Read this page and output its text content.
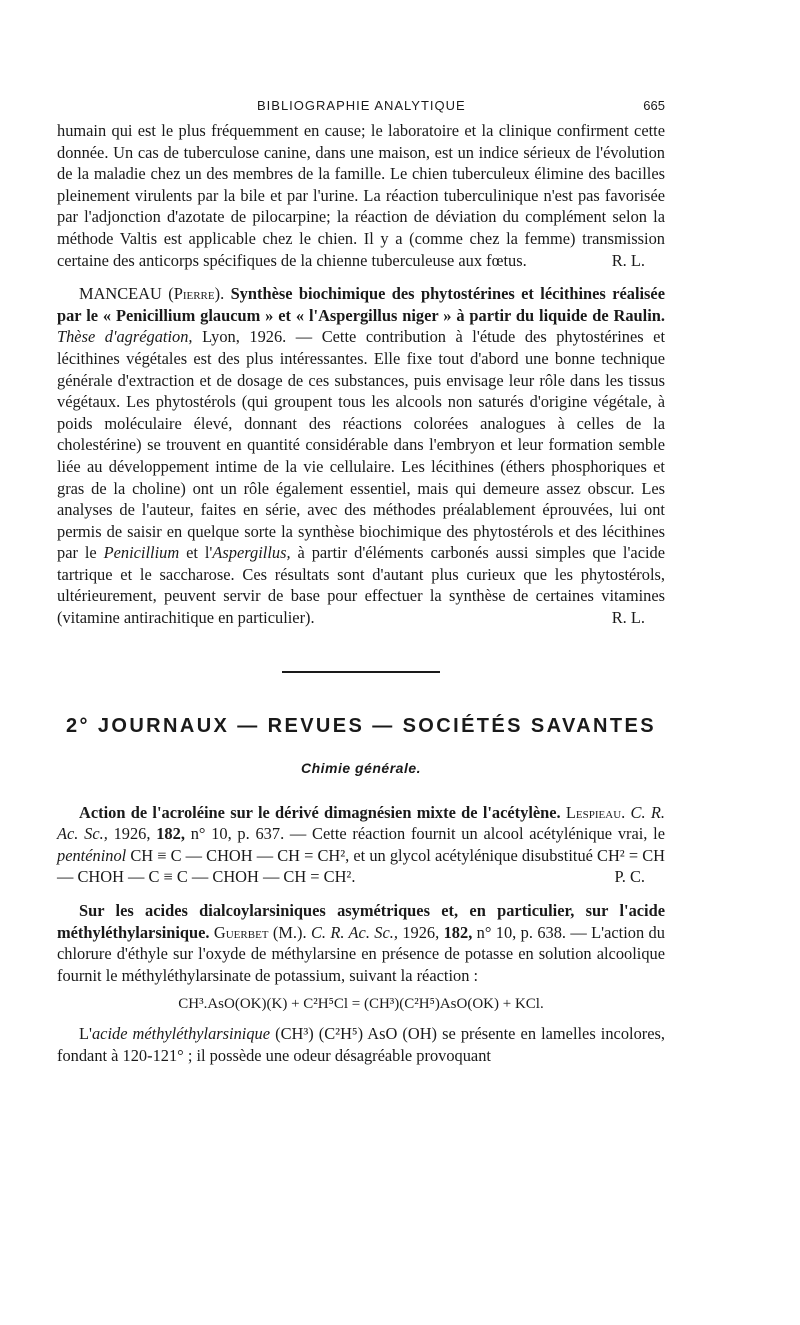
BIBLIOGRAPHIE ANALYTIQUE	665

humain qui est le plus fréquemment en cause; le laboratoire et la clinique confirment cette donnée. Un cas de tuberculose canine, dans une maison, est un indice sérieux de l'évolution de la maladie chez un des membres de la famille. Le chien tuberculeux élimine des bacilles pleinement virulents par la bile et par l'urine. La réaction tuberculinique n'est pas favorisée par l'adjonction d'azotate de pilocarpine; la réaction de déviation du complément selon la méthode Valtis est applicable chez le chien. Il y a (comme chez la femme) transmission certaine des anticorps spécifiques de la chienne tuberculeuse aux fœtus.	R. L.

MANCEAU (Pierre). Synthèse biochimique des phytostérines et lécithines réalisée par le « Penicillium glaucum » et « l'Aspergillus niger » à partir du liquide de Raulin. Thèse d'agrégation, Lyon, 1926. — Cette contribution à l'étude des phytostérines et lécithines végétales est des plus intéressantes. Elle fixe tout d'abord une bonne technique générale d'extraction et de dosage de ces substances, puis envisage leur rôle dans les tissus végétaux. Les phytostérols (qui groupent tous les alcools non saturés d'origine végétale, à poids moléculaire élevé, donnant des réactions colorées analogues à celles de la cholestérine) se trouvent en quantité considérable dans l'embryon et leur formation semble liée au développement intime de la vie cellulaire. Les lécithines (éthers phosphoriques et gras de la choline) ont un rôle également essentiel, mais qui demeure assez obscur. Les analyses de l'auteur, faites en série, avec des méthodes préalablement éprouvées, lui ont permis de saisir en quelque sorte la synthèse biochimique des phytostérols et des lécithines par le Penicillium et l'Aspergillus, à partir d'éléments carbonés aussi simples que l'acide tartrique et le saccharose. Ces résultats sont d'autant plus curieux que les phytostérols, ultérieurement, peuvent servir de base pour effectuer la synthèse de certaines vitamines (vitamine antirachitique en particulier).	R. L.

2° JOURNAUX — REVUES — SOCIÉTÉS SAVANTES
Chimie générale.

Action de l'acroléine sur le dérivé dimagnésien mixte de l'acétylène. Lespieau. C. R. Ac. Sc., 1926, 182, n° 10, p. 637. — Cette réaction fournit un alcool acétylénique vrai, le penténinol CH ≡ C — CHOH — CH = CH², et un glycol acétylénique disubstitué CH² = CH — CHOH — C ≡ C — CHOH — CH = CH².	P. C.

Sur les acides dialcoylarsiniques asymétriques et, en particulier, sur l'acide méthyléthylarsinique. Guerbet (M.). C. R. Ac. Sc., 1926, 182, n° 10, p. 638. — L'action du chlorure d'éthyle sur l'oxyde de méthylarsine en présence de potasse en solution alcoolique fournit le méthyléthylarsinate de potassium, suivant la réaction :

CH³.AsO(OK)(K) + C²H⁵Cl = (CH³)(C²H⁵)AsO(OK) + KCl.

L'acide méthyléthylarsinique (CH³) (C²H⁵) AsO (OH) se présente en lamelles incolores, fondant à 120-121° ; il possède une odeur désagréable provoquant
